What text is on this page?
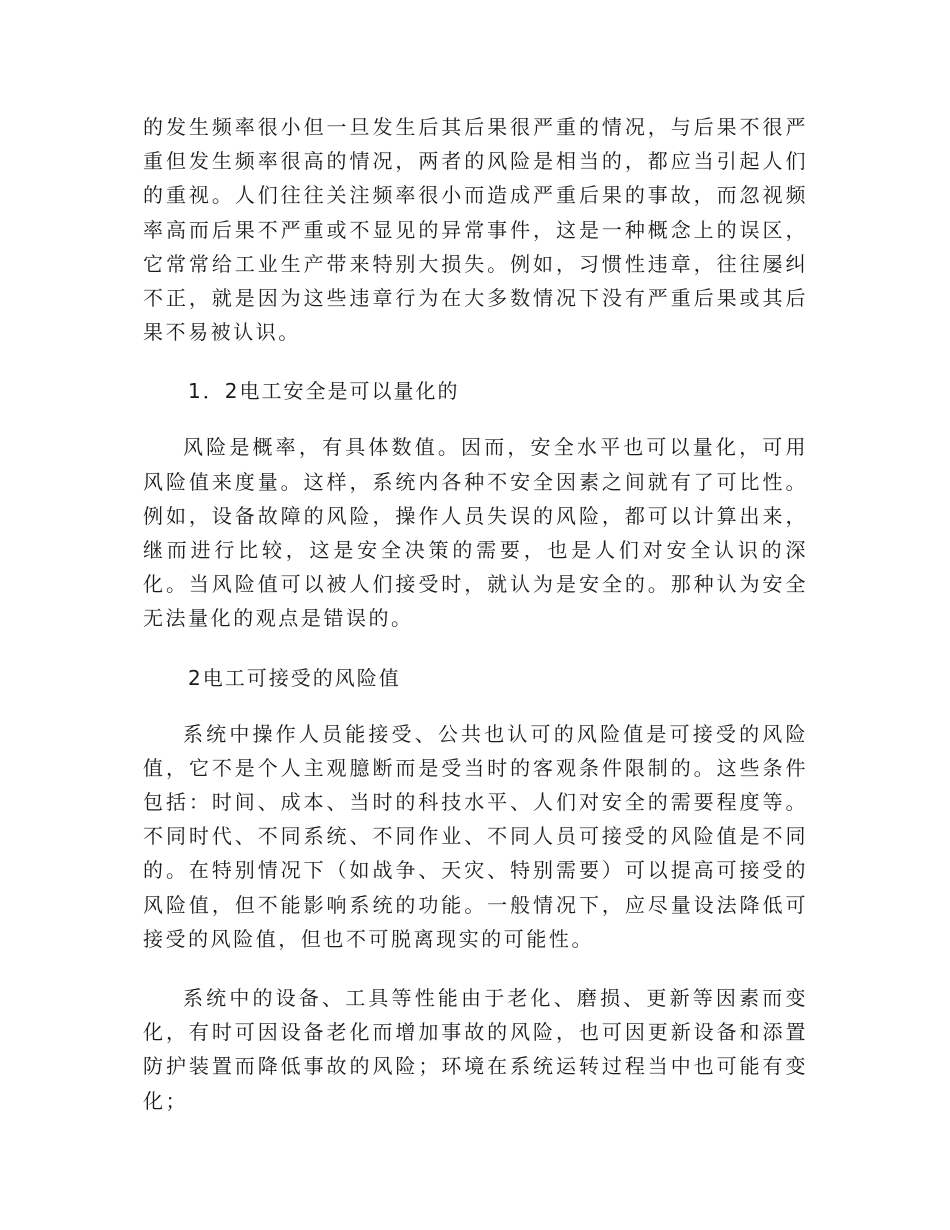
的发生频率很小但一旦发生后其后果很严重的情况，与后果不很严重但发生频率很高的情况，两者的风险是相当的，都应当引起人们的重视。人们往往关注频率很小而造成严重后果的事故，而忽视频率高而后果不严重或不显见的异常事件，这是一种概念上的误区，它常常给工业生产带来特别大损失。例如，习惯性违章，往往屡纠不正，就是因为这些违章行为在大多数情况下没有严重后果或其后果不易被认识。

1．2电工安全是可以量化的

风险是概率，有具体数值。因而，安全水平也可以量化，可用风险值来度量。这样，系统内各种不安全因素之间就有了可比性。例如，设备故障的风险，操作人员失误的风险，都可以计算出来，继而进行比较，这是安全决策的需要，也是人们对安全认识的深化。当风险值可以被人们接受时，就认为是安全的。那种认为安全无法量化的观点是错误的。

2电工可接受的风险值

系统中操作人员能接受、公共也认可的风险值是可接受的风险值，它不是个人主观臆断而是受当时的客观条件限制的。这些条件包括：时间、成本、当时的科技水平、人们对安全的需要程度等。不同时代、不同系统、不同作业、不同人员可接受的风险值是不同的。在特别情况下（如战争、天灾、特别需要）可以提高可接受的风险值，但不能影响系统的功能。一般情况下，应尽量设法降低可接受的风险值，但也不可脱离现实的可能性。

系统中的设备、工具等性能由于老化、磨损、更新等因素而变化，有时可因设备老化而增加事故的风险，也可因更新设备和添置防护装置而降低事故的风险；环境在系统运转过程当中也可能有变化；
